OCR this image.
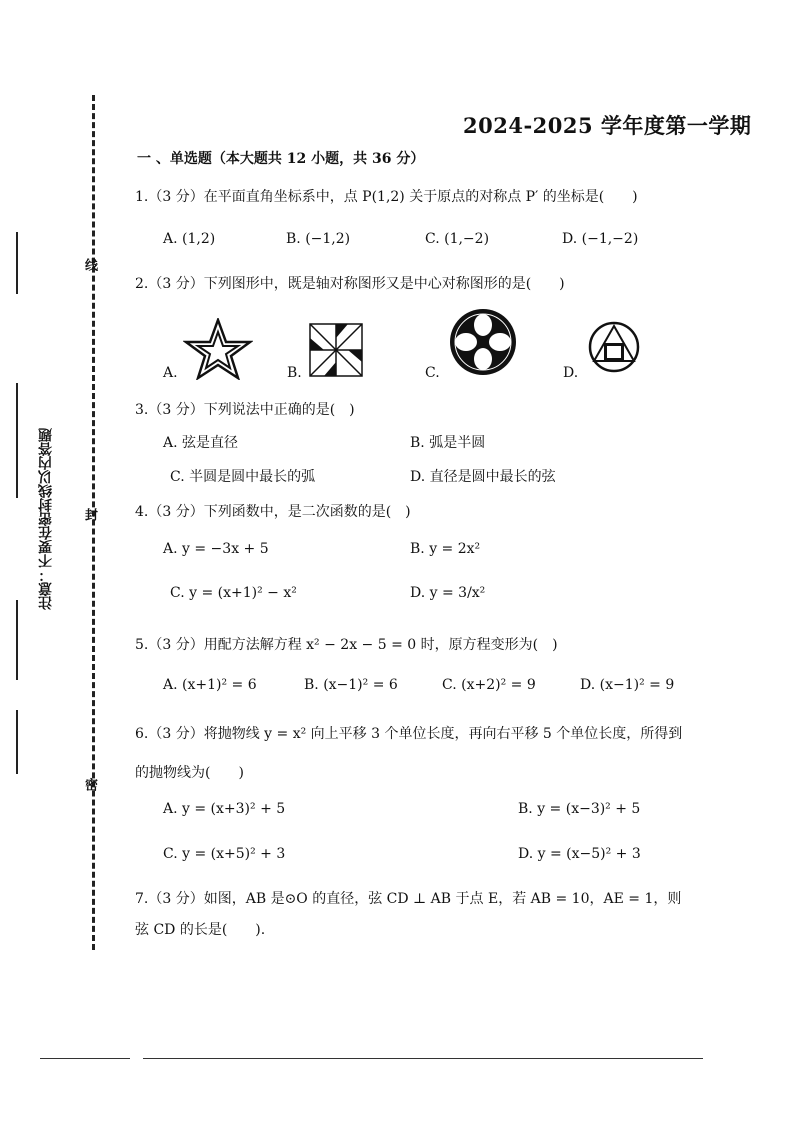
注意：不要在密封线以内答题
线
封
密
2024-2025 学年度第一学期
一 、单选题（本大题共 12 小题，共 36 分）
1.（3 分）在平面直角坐标系中，点 P(1,2) 关于原点的对称点 P′ 的坐标是(　　)
A. (1,2)	B. (−1,2)	C. (1,−2)	D. (−1,−2)
2.（3 分）下列图形中，既是轴对称图形又是中心对称图形的是(　　)
A.	B.	C.	D.
3.（3 分）下列说法中正确的是(　)
A. 弦是直径	B. 弧是半圆
C. 半圆是圆中最长的弧	D. 直径是圆中最长的弦
4.（3 分）下列函数中，是二次函数的是(　)
A. y = −3x + 5	B. y = 2x²
C. y = (x+1)² − x²	D. y = 3/x²
5.（3 分）用配方法解方程 x² − 2x − 5 = 0 时，原方程变形为(　)
A. (x+1)² = 6	B. (x−1)² = 6	C. (x+2)² = 9	D. (x−1)² = 9
6.（3 分）将抛物线 y = x² 向上平移 3 个单位长度，再向右平移 5 个单位长度，所得到
的抛物线为(　　)
A. y = (x+3)² + 5	B. y = (x−3)² + 5
C. y = (x+5)² + 3	D. y = (x−5)² + 3
7.（3 分）如图，AB 是⊙O 的直径，弦 CD ⊥ AB 于点 E，若 AB = 10，AE = 1，则
弦 CD 的长是(　　).
